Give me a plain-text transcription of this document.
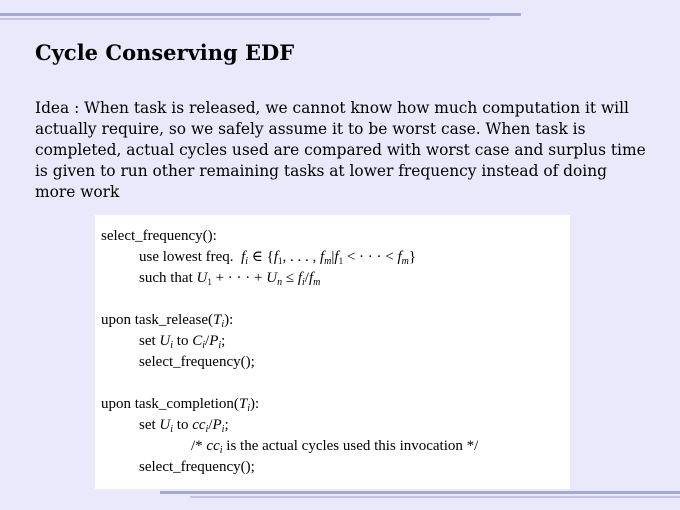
Cycle Conserving EDF

Idea : When task is released, we cannot know how much computation it will actually require, so we safely assume it to be worst case. When task is completed, actual cycles used are compared with worst case and surplus time is given to run other remaining tasks at lower frequency instead of doing more work

select_frequency():
use lowest freq. $f_i$ ∈ {$f_1$, . . . , $f_m|f_1$ < · · · < $f_m$}
such that $U_1$ + · · · + $U_n \le f_i/f_m$
upon $task\_release(T_i)$:
set $U_i$ to $C_i/P_i$;
select_frequency();
upon $task\_completion(T_i)$:
set $U_i$ to $cc_i/P_i$;
/* $cc_i$ is the actual cycles used this invocation */
select_frequency();
